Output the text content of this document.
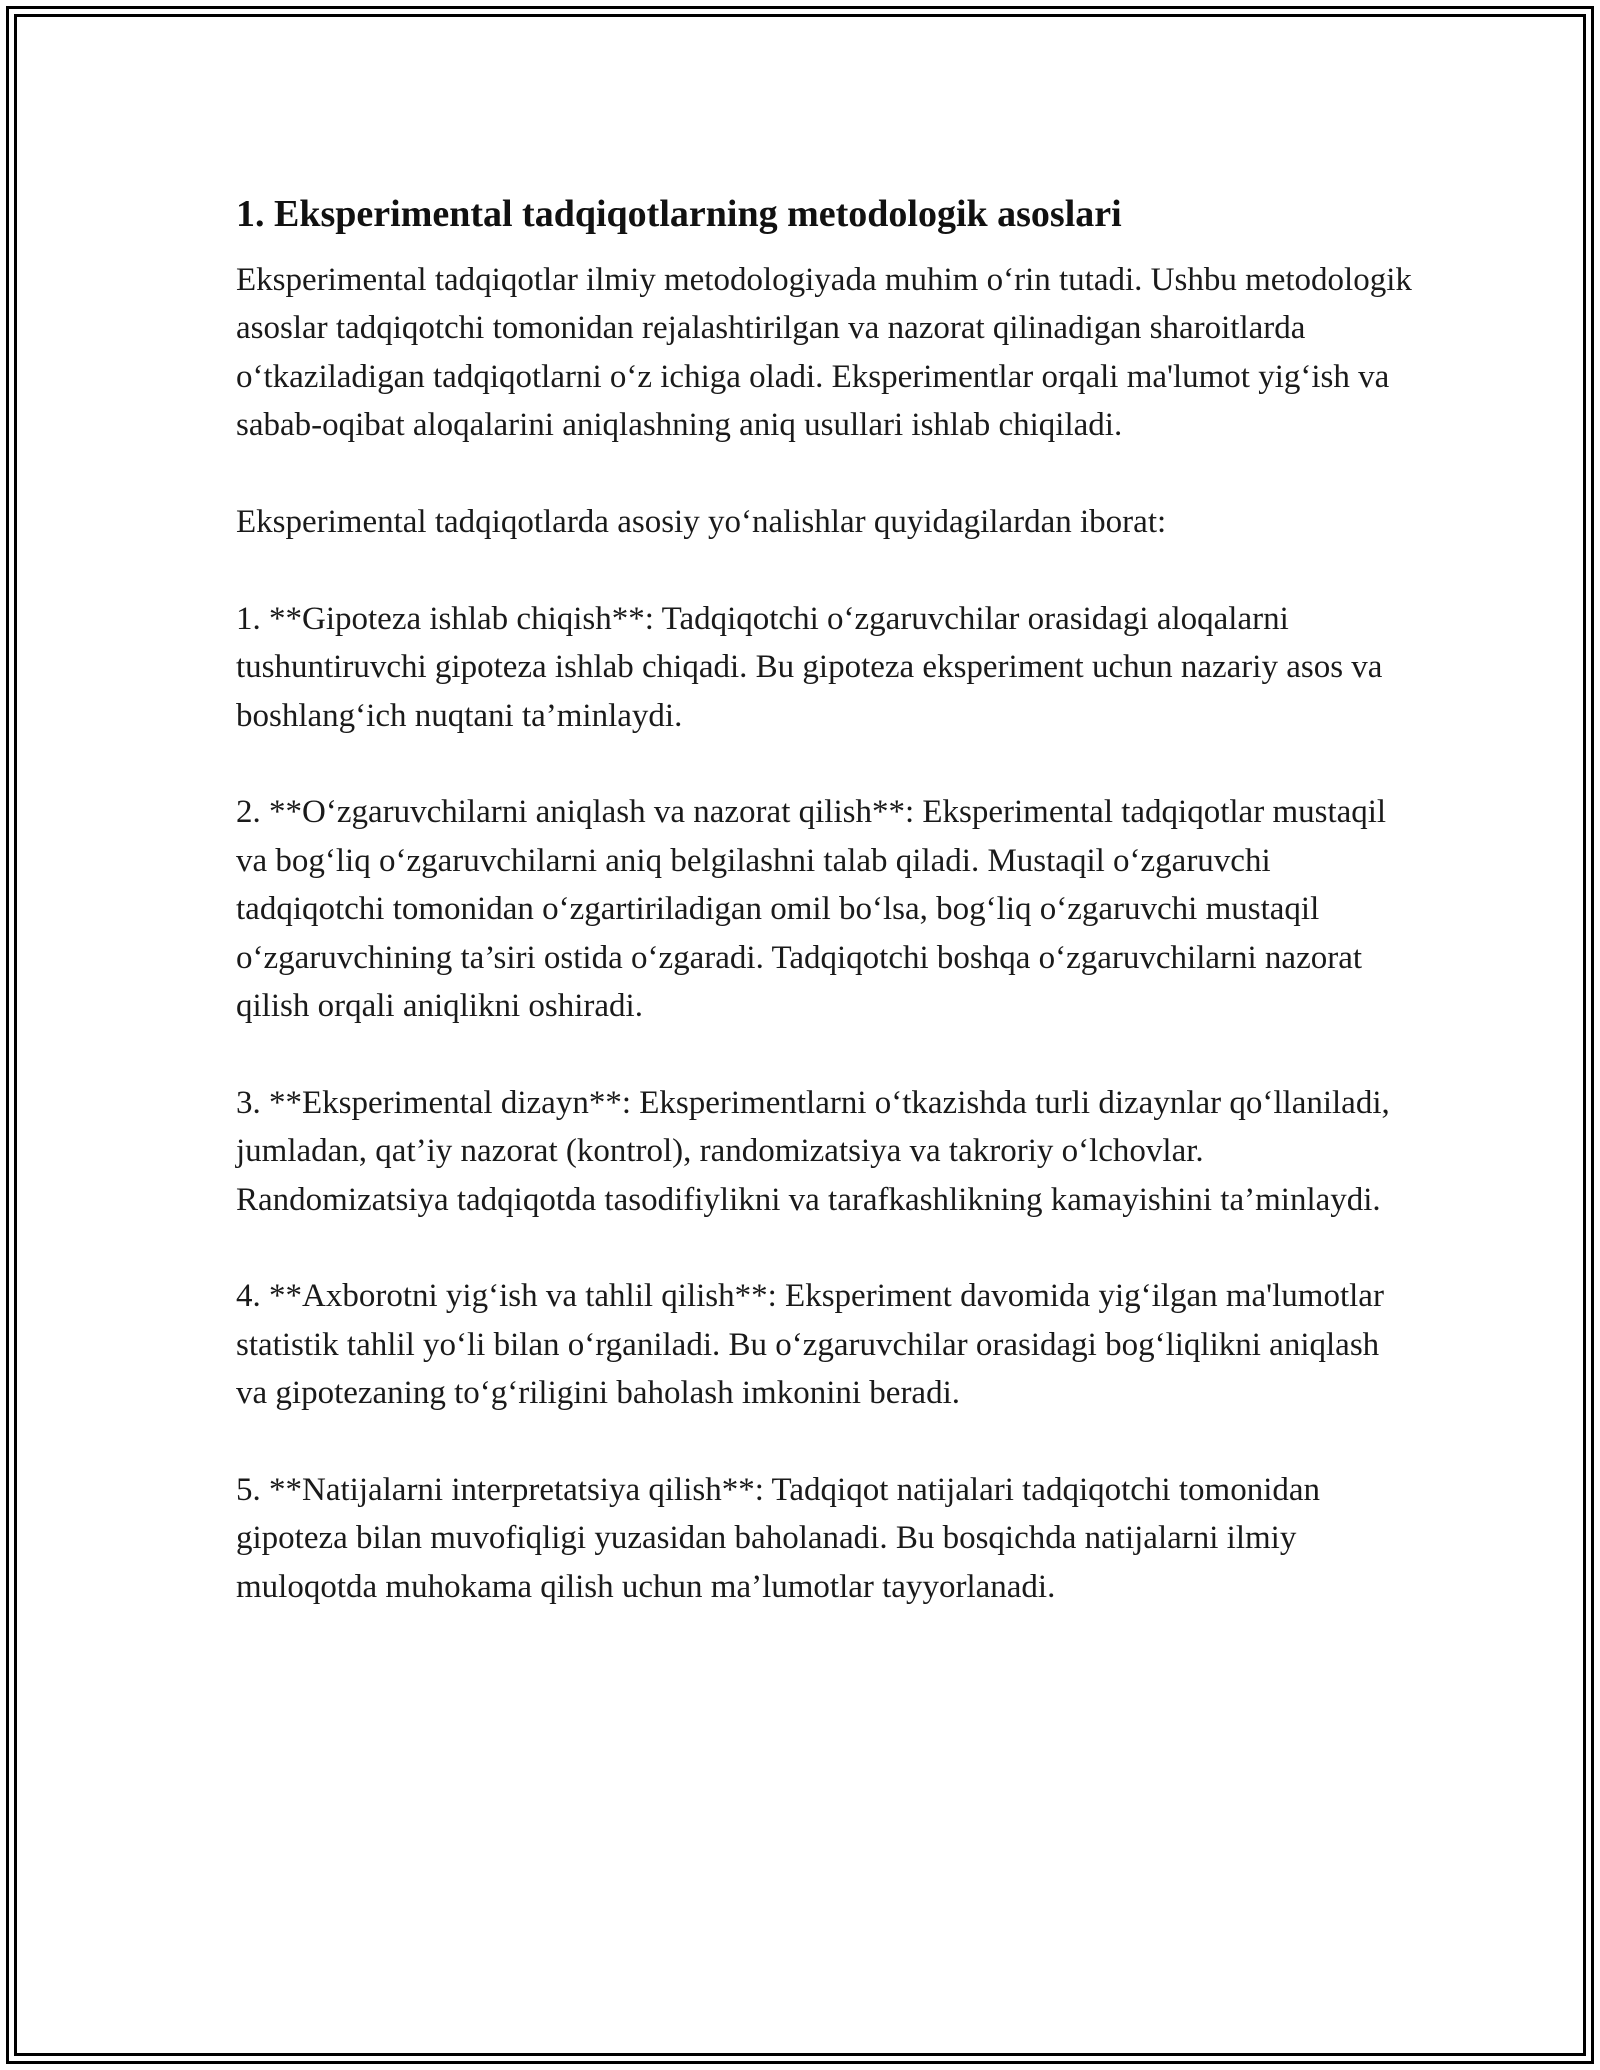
1. Eksperimental tadqiqotlarning metodologik asoslari

Eksperimental tadqiqotlar ilmiy metodologiyada muhim o‘rin tutadi. Ushbu metodologik asoslar tadqiqotchi tomonidan rejalashtirilgan va nazorat qilinadigan sharoitlarda o‘tkaziladigan tadqiqotlarni o‘z ichiga oladi. Eksperimentlar orqali ma'lumot yig‘ish va sabab-oqibat aloqalarini aniqlashning aniq usullari ishlab chiqiladi.

Eksperimental tadqiqotlarda asosiy yo‘nalishlar quyidagilardan iborat:

1. **Gipoteza ishlab chiqish**: Tadqiqotchi o‘zgaruvchilar orasidagi aloqalarni tushuntiruvchi gipoteza ishlab chiqadi. Bu gipoteza eksperiment uchun nazariy asos va boshlang‘ich nuqtani ta’minlaydi.

2. **O‘zgaruvchilarni aniqlash va nazorat qilish**: Eksperimental tadqiqotlar mustaqil va bog‘liq o‘zgaruvchilarni aniq belgilashni talab qiladi. Mustaqil o‘zgaruvchi tadqiqotchi tomonidan o‘zgartiriladigan omil bo‘lsa, bog‘liq o‘zgaruvchi mustaqil o‘zgaruvchining ta’siri ostida o‘zgaradi. Tadqiqotchi boshqa o‘zgaruvchilarni nazorat qilish orqali aniqlikni oshiradi.

3. **Eksperimental dizayn**: Eksperimentlarni o‘tkazishda turli dizaynlar qo‘llaniladi, jumladan, qat’iy nazorat (kontrol), randomizatsiya va takroriy o‘lchovlar. Randomizatsiya tadqiqotda tasodifiylikni va tarafkashlikning kamayishini ta’minlaydi.

4. **Axborotni yig‘ish va tahlil qilish**: Eksperiment davomida yig‘ilgan ma'lumotlar statistik tahlil yo‘li bilan o‘rganiladi. Bu o‘zgaruvchilar orasidagi bog‘liqlikni aniqlash va gipotezaning to‘g‘riligini baholash imkonini beradi.

5. **Natijalarni interpretatsiya qilish**: Tadqiqot natijalari tadqiqotchi tomonidan gipoteza bilan muvofiqligi yuzasidan baholanadi. Bu bosqichda natijalarni ilmiy muloqotda muhokama qilish uchun ma’lumotlar tayyorlanadi.
